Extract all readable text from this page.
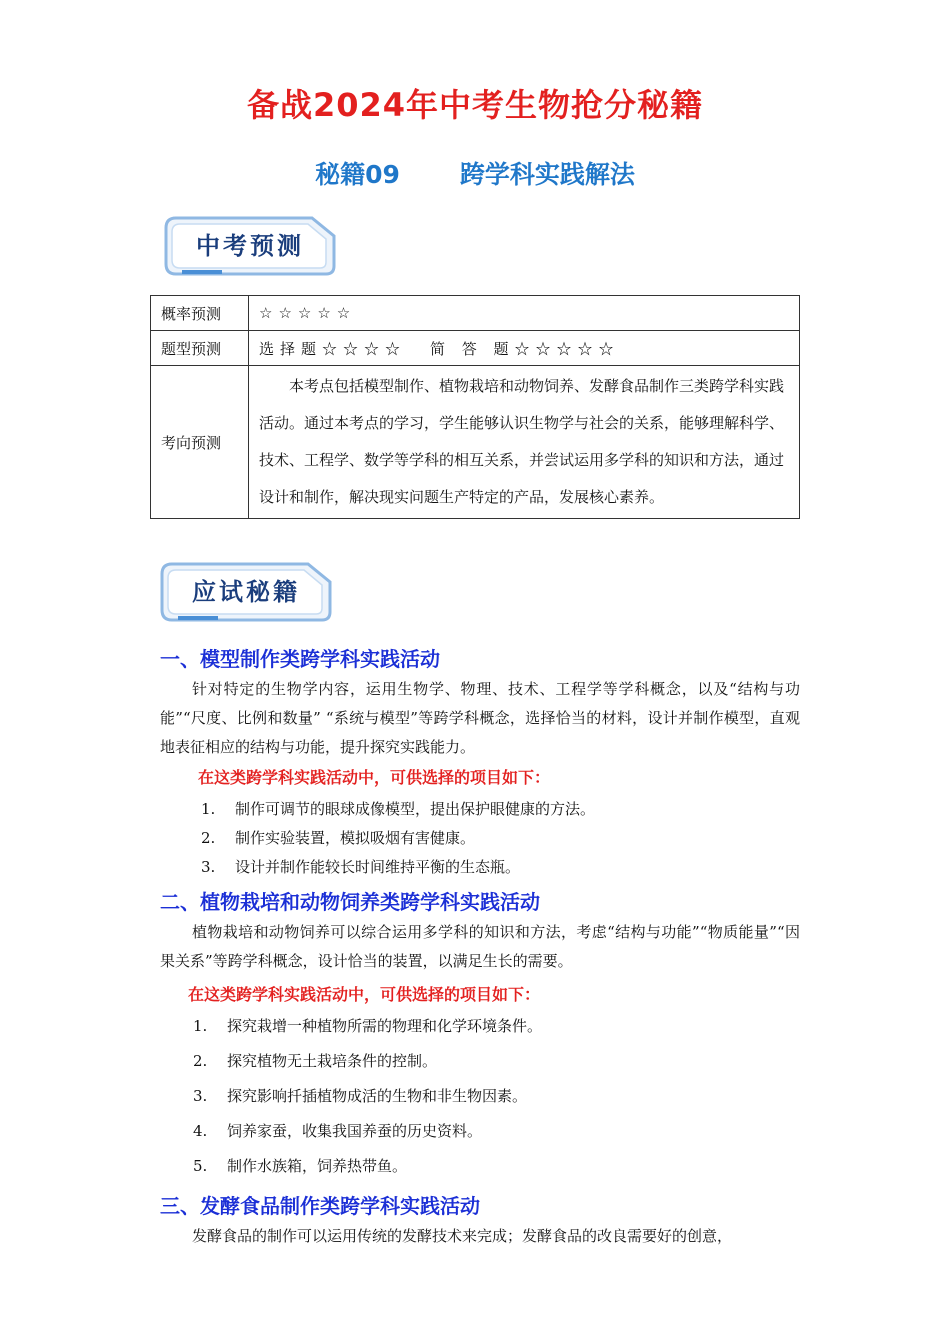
备战2024年中考生物抢分秘籍
秘籍09 跨学科实践解法
中考预测
概率预测	☆☆☆☆☆
题型预测	选择题☆☆☆☆ 简 答 题☆☆☆☆☆
考向预测	本考点包括模型制作、植物栽培和动物饲养、发酵食品制作三类跨学科实践活动。通过本考点的学习，学生能够认识生物学与社会的关系，能够理解科学、技术、工程学、数学等学科的相互关系，并尝试运用多学科的知识和方法，通过设计和制作，解决现实问题生产特定的产品，发展核心素养。
应试秘籍
一、模型制作类跨学科实践活动
针对特定的生物学内容，运用生物学、物理、技术、工程学等学科概念，以及“结构与功能”“尺度、比例和数量” “系统与模型”等跨学科概念，选择恰当的材料，设计并制作模型，直观地表征相应的结构与功能，提升探究实践能力。
在这类跨学科实践活动中，可供选择的项目如下：
1. 制作可调节的眼球成像模型，提出保护眼健康的方法。
2. 制作实验装置，模拟吸烟有害健康。
3. 设计并制作能较长时间维持平衡的生态瓶。
二、植物栽培和动物饲养类跨学科实践活动
植物栽培和动物饲养可以综合运用多学科的知识和方法，考虑“结构与功能”“物质能量”“因果关系”等跨学科概念，设计恰当的装置，以满足生长的需要。
在这类跨学科实践活动中，可供选择的项目如下：
1. 探究栽增一种植物所需的物理和化学环境条件。
2. 探究植物无土栽培条件的控制。
3. 探究影响扦插植物成活的生物和非生物因素。
4. 饲养家蚕，收集我国养蚕的历史资料。
5. 制作水族箱，饲养热带鱼。
三、发酵食品制作类跨学科实践活动
发酵食品的制作可以运用传统的发酵技术来完成；发酵食品的改良需要好的创意，
